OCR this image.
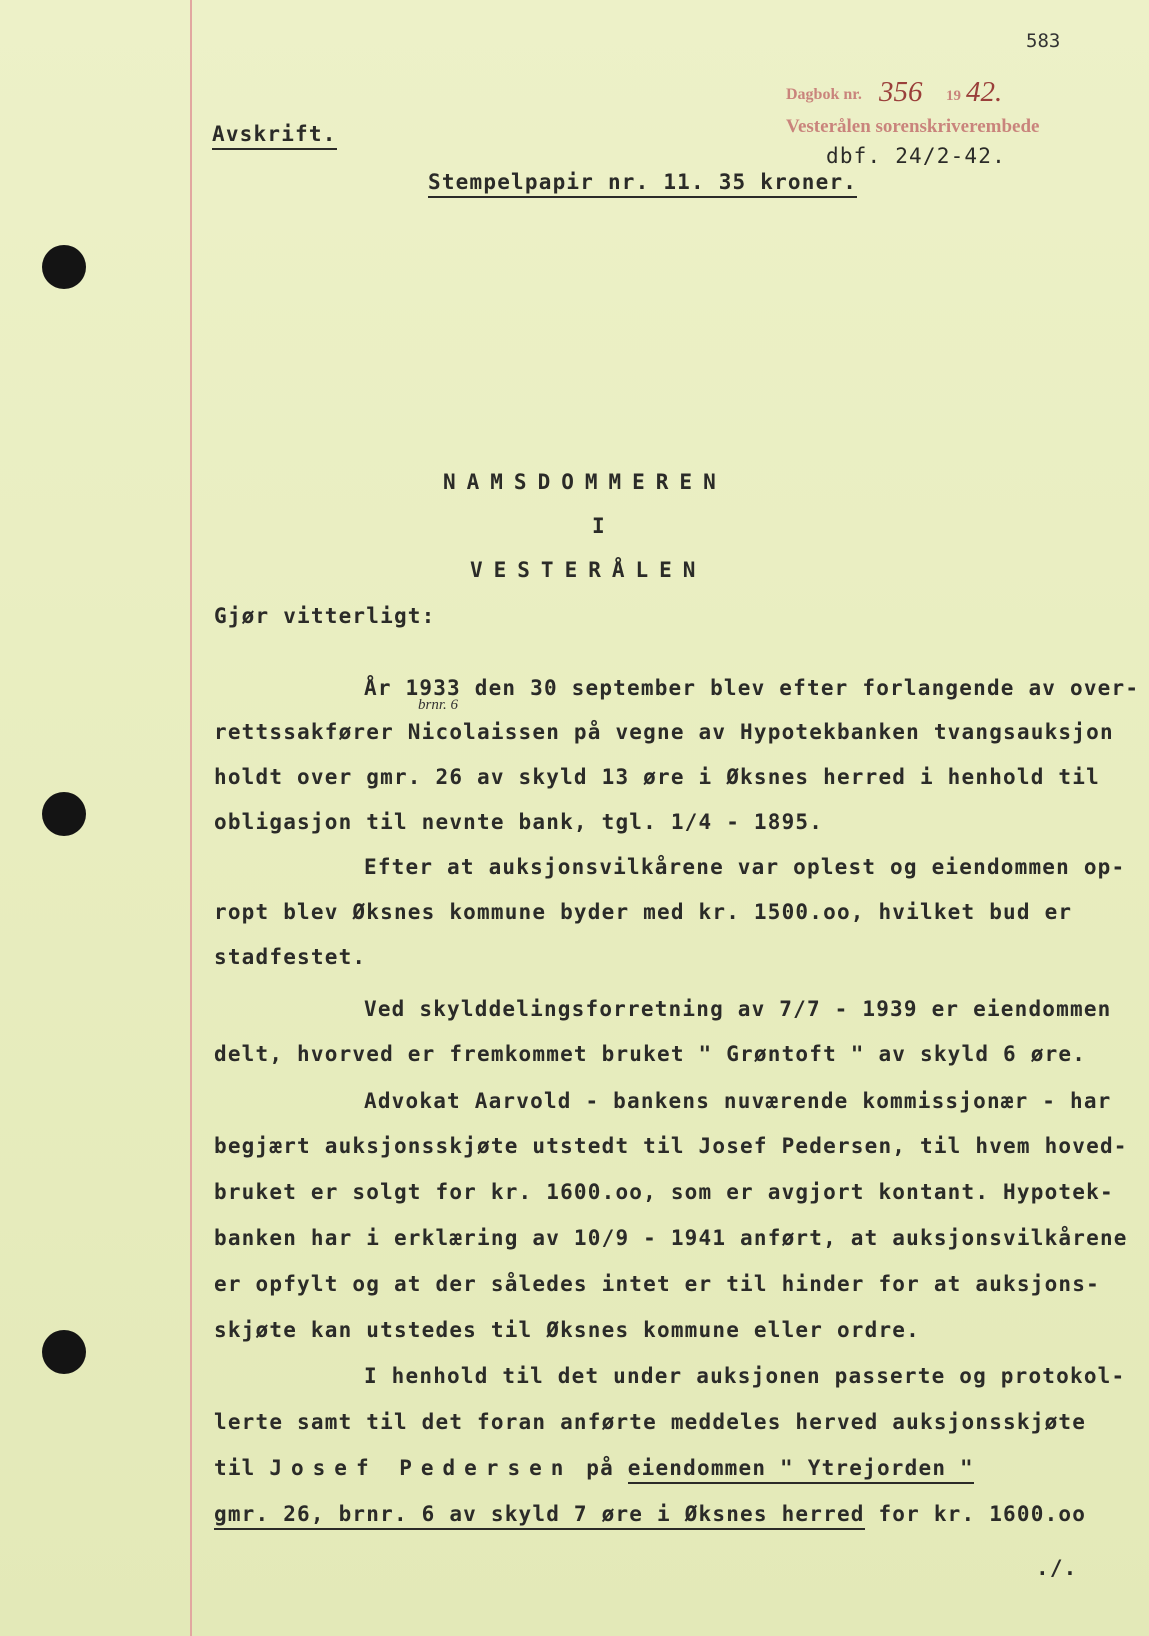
583
Dagbok nr. 356 19 42.
Vesterålen sorenskriverembede
Avskrift.
dbf. 24/2-42.
Stempelpapir nr. 11. 35 kroner.
NAMSDOMMEREN
I
VESTERÅLEN
Gjør vitterligt:
År 1933 den 30 september blev efter forlangende av over-
rettssakfører Nicolaissen på vegne av Hypotekbanken tvangsauksjon
brnr. 6
holdt over gmr. 26 av skyld 13 øre i Øksnes herred i henhold til
obligasjon til nevnte bank, tgl. 1/4 - 1895.
Efter at auksjonsvilkårene var oplest og eiendommen op-
ropt blev Øksnes kommune byder med kr. 1500.oo, hvilket bud er
stadfestet.
Ved skylddelingsforretning av 7/7 - 1939 er eiendommen
delt, hvorved er fremkommet bruket " Grøntoft " av skyld 6 øre.
Advokat Aarvold - bankens nuværende kommissjonær - har
begjært auksjonsskjøte utstedt til Josef Pedersen, til hvem hoved-
bruket er solgt for kr. 1600.oo, som er avgjort kontant. Hypotek-
banken har i erklæring av 10/9 - 1941 anført, at auksjonsvilkårene
er opfylt og at der således intet er til hinder for at auksjons-
skjøte kan utstedes til Øksnes kommune eller ordre.
I henhold til det under auksjonen passerte og protokol-
lerte samt til det foran anførte meddeles herved auksjonsskjøte
til Josef Pedersen på eiendommen " Ytrejorden "
gmr. 26, brnr. 6 av skyld 7 øre i Øksnes herred for kr. 1600.oo
./.
